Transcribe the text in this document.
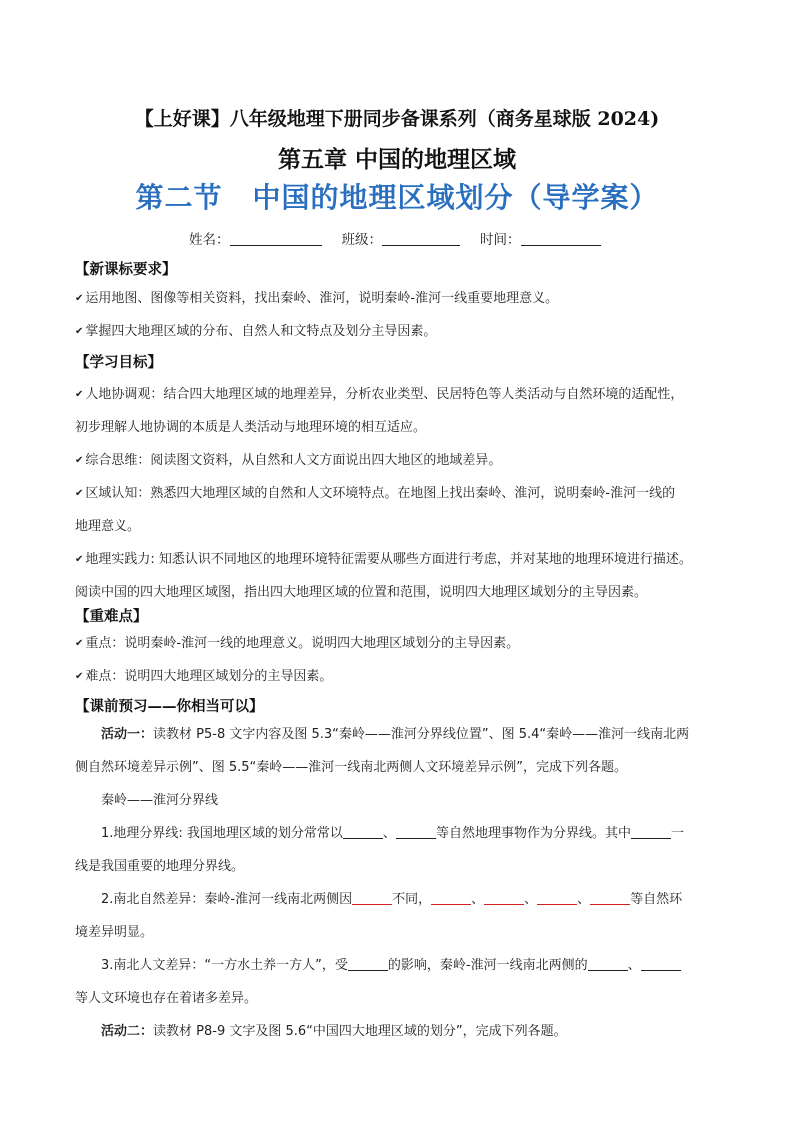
【上好课】八年级地理下册同步备课系列（商务星球版 2024)
第五章 中国的地理区域
第二节 中国的地理区域划分（导学案）
姓名：	班级：	时间：
【新课标要求】
✔ 运用地图、图像等相关资料，找出秦岭、淮河，说明秦岭-淮河一线重要地理意义。
✔ 掌握四大地理区域的分布、自然人和文特点及划分主导因素。
【学习目标】
✔ 人地协调观：结合四大地理区域的地理差异，分析农业类型、民居特色等人类活动与自然环境的适配性，
初步理解人地协调的本质是人类活动与地理环境的相互适应。
✔ 综合思维：阅读图文资料，从自然和人文方面说出四大地区的地域差异。
✔ 区域认知：熟悉四大地理区域的自然和人文环境特点。在地图上找出秦岭、淮河，说明秦岭-淮河一线的
地理意义。
✔ 地理实践力: 知悉认识不同地区的地理环境特征需要从哪些方面进行考虑，并对某地的地理环境进行描述。
阅读中国的四大地理区域图，指出四大地理区域的位置和范围，说明四大地理区域划分的主导因素。
【重难点】
✔ 重点：说明秦岭-淮河一线的地理意义。说明四大地理区域划分的主导因素。
✔ 难点：说明四大地理区域划分的主导因素。
【课前预习——你相当可以】
活动一：读教材 P5-8 文字内容及图 5.3“秦岭——淮河分界线位置”、图 5.4“秦岭——淮河一线南北两
侧自然环境差异示例”、图 5.5“秦岭——淮河一线南北两侧人文环境差异示例”，完成下列各题。
秦岭——淮河分界线
1.地理分界线: 我国地理区域的划分常常以	、	等自然地理事物作为分界线。其中	一
线是我国重要的地理分界线。
2.南北自然差异：秦岭-淮河一线南北两侧因	不同，	、	、	、	等自然环
境差异明显。
3.南北人文差异：“一方水土养一方人”，受	的影响，秦岭-淮河一线南北两侧的	、
等人文环境也存在着诸多差异。
活动二：读教材 P8-9 文字及图 5.6“中国四大地理区域的划分”，完成下列各题。
